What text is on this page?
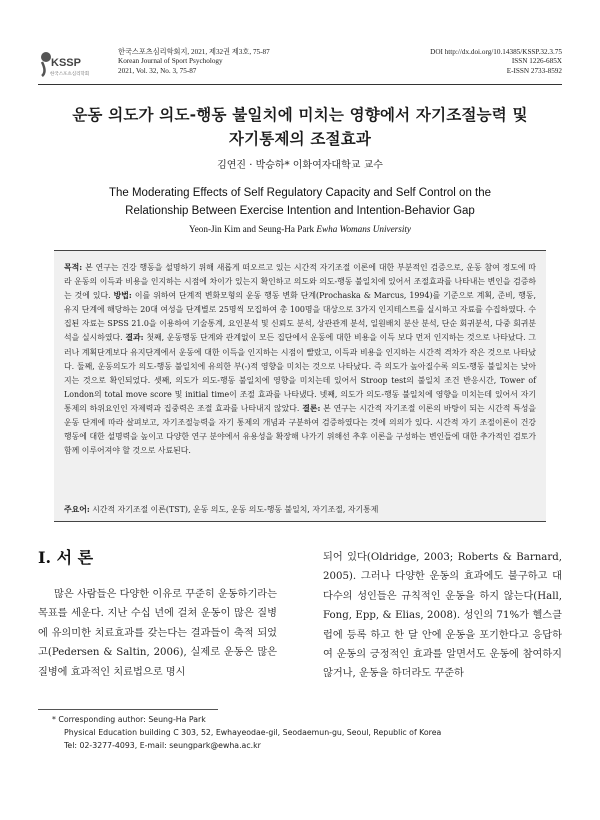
KSSP
한국스포츠심리학회
한국스포츠심리학회지, 2021, 제32권 제3호, 75-87
Korean Journal of Sport Psychology
2021, Vol. 32, No. 3, 75-87
DOI http://dx.doi.org/10.14385/KSSP.32.3.75
ISSN 1226-685X
E-ISSN 2733-8592
운동 의도가 의도-행동 불일치에 미치는 영향에서 자기조절능력 및
자기통제의 조절효과
김연진 · 박승하* 이화여자대학교 교수
The Moderating Effects of Self Regulatory Capacity and Self Control on the
Relationship Between Exercise Intention and Intention-Behavior Gap
Yeon-Jin Kim and Seung-Ha Park Ewha Womans University
목적: 본 연구는 건강 행동을 설명하기 위해 새롭게 떠오르고 있는 시간적 자기조절 이론에 대한 부분적인 검증으로, 운동 참여 정도에 따라 운동의 이득과 비용을 인지하는 시점에 차이가 있는지 확인하고 의도와 의도-행동 불일치에 있어서 조절효과를 나타내는 변인을 검증하는 것에 있다. 방법: 이를 위하여 단계적 변화모형의 운동 행동 변화 단계(Prochaska & Marcus, 1994)를 기준으로 계획, 준비, 행동, 유지 단계에 해당하는 20대 여성을 단계별로 25명씩 모집하여 총 100명을 대상으로 3가지 인지테스트를 실시하고 자료를 수집하였다. 수집된 자료는 SPSS 21.0을 이용하여 기술통계, 요인분석 및 신뢰도 분석, 상관관계 분석, 일원배치 분산 분석, 단순 회귀분석, 다중 회귀분석을 실시하였다. 결과: 첫째, 운동행동 단계와 관계없이 모든 집단에서 운동에 대한 비용을 이득 보다 먼저 인지하는 것으로 나타났다. 그러나 계획단계보다 유지단계에서 운동에 대한 이득을 인지하는 시점이 빨랐고, 이득과 비용을 인지하는 시간적 격차가 작은 것으로 나타났다. 둘째, 운동의도가 의도-행동 불일치에 유의한 부(-)적 영향을 미치는 것으로 나타났다. 즉 의도가 높아질수록 의도-행동 불일치는 낮아지는 것으로 확인되었다. 셋째, 의도가 의도-행동 불일치에 영향을 미치는데 있어서 Stroop test의 불일치 조건 반응시간, Tower of London의 total move score 및 initial time이 조절 효과를 나타냈다. 넷째, 의도가 의도-행동 불일치에 영향을 미치는데 있어서 자기통제의 하위요인인 자제력과 집중력은 조절 효과를 나타내지 않았다. 결론: 본 연구는 시간적 자기조절 이론의 바탕이 되는 시간적 특성을 운동 단계에 따라 살펴보고, 자기조절능력을 자기 통제의 개념과 구분하여 검증하였다는 것에 의의가 있다. 시간적 자기 조절이론이 건강 행동에 대한 설명력을 높이고 다양한 연구 분야에서 유용성을 확장해 나가기 위해선 추후 이론을 구성하는 변인들에 대한 추가적인 검토가 함께 이루어져야 할 것으로 사료된다.
주요어: 시간적 자기조절 이론(TST), 운동 의도, 운동 의도-행동 불일치, 자기조절, 자기통제
Ⅰ. 서 론
많은 사람들은 다양한 이유로 꾸준히 운동하기라는 목표를 세운다. 지난 수십 년에 걸쳐 운동이 많은 질병에 유의미한 치료효과를 갖는다는 결과들이 축적 되었고(Pedersen & Saltin, 2006), 실제로 운동은 많은 질병에 효과적인 치료법으로 명시
되어 있다(Oldridge, 2003; Roberts & Barnard, 2005). 그러나 다양한 운동의 효과에도 불구하고 대다수의 성인들은 규칙적인 운동을 하지 않는다(Hall, Fong, Epp, & Elias, 2008). 성인의 71%가 헬스클럽에 등록 하고 한 달 안에 운동을 포기한다고 응답하여 운동의 긍정적인 효과를 알면서도 운동에 참여하지 않거나, 운동을 하더라도 꾸준하
* Corresponding author: Seung-Ha Park
Physical Education building C 303, 52, Ewhayeodae-gil, Seodaemun-gu, Seoul, Republic of Korea
Tel: 02-3277-4093, E-mail: seungpark@ewha.ac.kr
